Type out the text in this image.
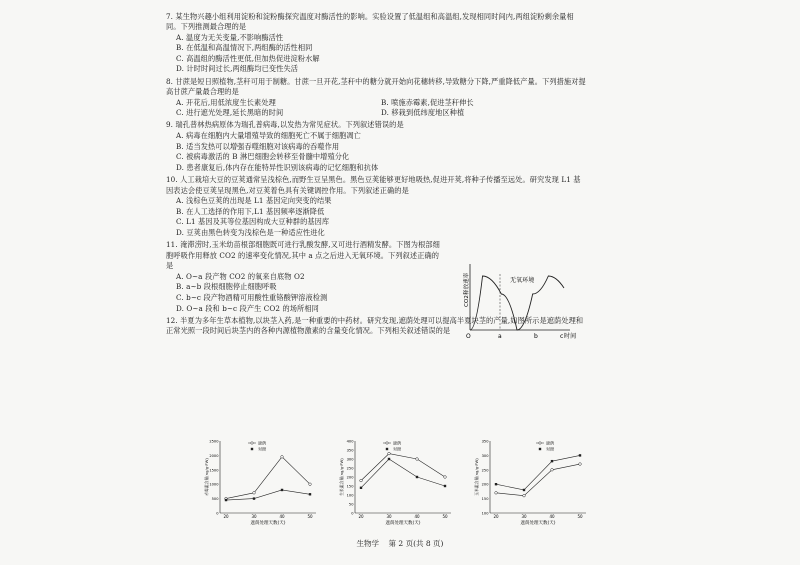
7. 某生物兴趣小组利用淀粉和淀粉酶探究温度对酶活性的影响。实验设置了低温组和高温组,发现相同时间内,两组淀粉剩余量相同。下列推测最合理的是
A. 温度为无关变量,不影响酶活性
B. 在低温和高温情况下,两组酶的活性相同
C. 高温组的酶活性更低,但加热促进淀粉水解
D. 计时时间过长,两组酶均已变性失活
8. 甘蔗是短日照植物,茎秆可用于制糖。甘蔗一旦开花,茎秆中的糖分就开始向花穗转移,导致糖分下降,严重降低产量。下列措施对提高甘蔗产量最合理的是
A. 开花后,用低浓度生长素处理	B. 喷施赤霉素,促进茎秆伸长
C. 进行遮光处理,延长黑暗的时间	D. 移栽到低纬度地区种植
9. 瑞孔普林热病原体为瑞孔普病毒,以发热为常见症状。下列叙述错误的是
A. 病毒在细胞内大量增殖导致的细胞死亡不属于细胞凋亡
B. 适当发热可以增强吞噬细胞对该病毒的吞噬作用
C. 被病毒激活的 B 淋巴细胞会转移至骨髓中增殖分化
D. 患者康复后,体内存在能特异性识别该病毒的记忆细胞和抗体
10. 人工栽培大豆的豆荚通常呈浅棕色,而野生豆呈黑色。黑色豆荚能够更好地吸热,促进开荚,将种子传播至远处。研究发现 L1 基因表达会使豆荚呈现黑色,对豆荚着色具有关键调控作用。下列叙述正确的是
A. 浅棕色豆荚的出现是 L1 基因定向突变的结果
B. 在人工选择的作用下,L1 基因频率逐渐降低
C. L1 基因及其等位基因构成大豆种群的基因库
D. 豆荚由黑色转变为浅棕色是一种适应性进化
11. 淹滞涝时,玉米幼苗根部细胞既可进行乳酸发酵,又可进行酒精发酵。下图为根部细胞呼吸作用释放 CO2 的速率变化情况,其中 a 点之后进入无氧环境。下列叙述正确的是
A. O~a 段产物 CO2 的氧来自底物 O2
B. a~b 段根细胞停止细胞呼吸
C. b~c 段产物酒精可用酸性重铬酸钾溶液检测
D. O~a 段和 b~c 段产生 CO2 的场所相同
CO2释放速率	无氧环境
O	a	b	c 时间
12. 半夏为多年生草本植物,以块茎入药,是一种重要的中药材。研究发现,遮荫处理可以提高半夏块茎的产量,如图所示是遮荫处理和正常光照一段时间后块茎内的各种内源植物激素的含量变化情况。下列相关叙述错误的是
0
500
1000
1500
2000
2500
20	30	40	50
遮荫处理天数(天)
赤霉素含量(ng/g·FW)
遮荫
对照
0
50
100
150
200
250
300
350
400
20	30	40	50
遮荫处理天数(天)
生长素含量(ng/g·FW)
遮荫
对照
100
150
200
250
300
350
20	30	40	50
遮荫处理天数(天)
玉米素含量(ng/g·FW)
遮荫
对照
生物学 第 2 页(共 8 页)
